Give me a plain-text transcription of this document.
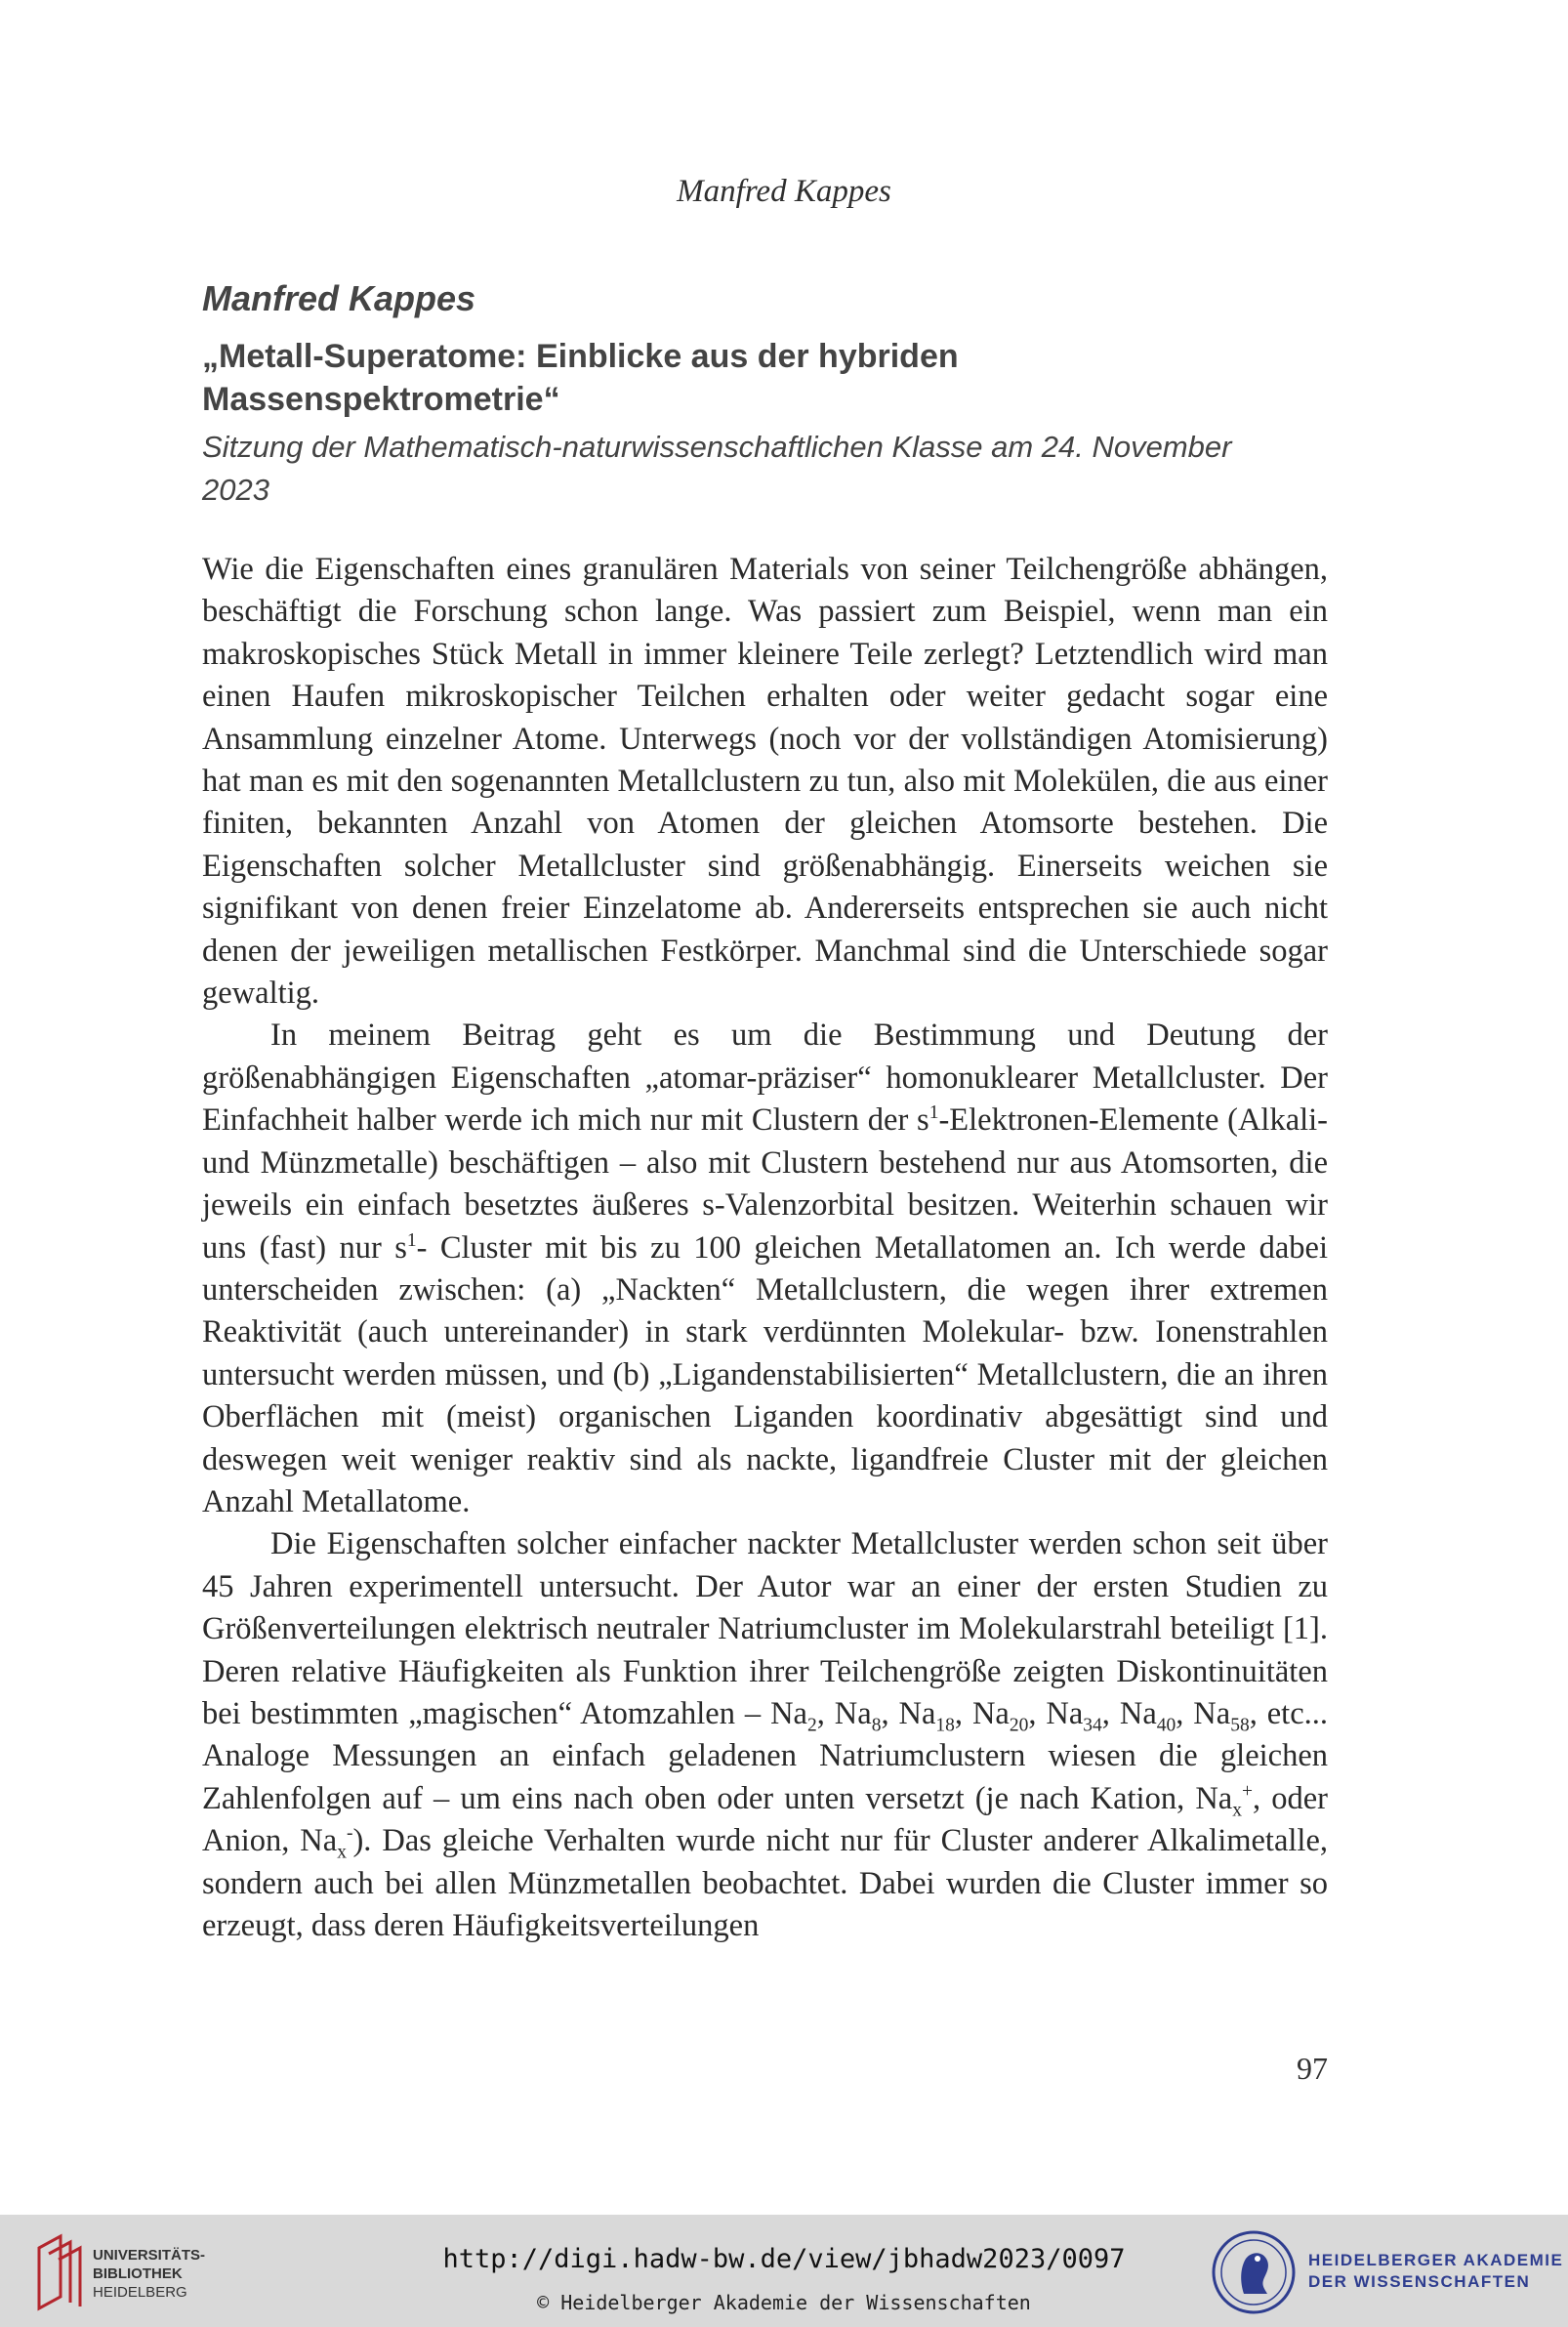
Manfred Kappes
Manfred Kappes
„Metall-Superatome: Einblicke aus der hybriden
Massenspektrometrie“
Sitzung der Mathematisch-naturwissenschaftlichen Klasse am 24. November
2023

Wie die Eigenschaften eines granulären Materials von seiner Teilchengröße abhängen, beschäftigt die Forschung schon lange. Was passiert zum Beispiel, wenn man ein makroskopisches Stück Metall in immer kleinere Teile zerlegt? Letztendlich wird man einen Haufen mikroskopischer Teilchen erhalten oder weiter gedacht sogar eine Ansammlung einzelner Atome. Unterwegs (noch vor der vollständigen Atomisierung) hat man es mit den sogenannten Metallclustern zu tun, also mit Molekülen, die aus einer finiten, bekannten Anzahl von Atomen der gleichen Atomsorte bestehen. Die Eigenschaften solcher Metallcluster sind größenabhängig. Einerseits weichen sie signifikant von denen freier Einzelatome ab. Andererseits entsprechen sie auch nicht denen der jeweiligen metallischen Festkörper. Manchmal sind die Unterschiede sogar gewaltig.

In meinem Beitrag geht es um die Bestimmung und Deutung der größenabhängigen Eigenschaften „atomar-präziser“ homonuklearer Metallcluster. Der Einfachheit halber werde ich mich nur mit Clustern der $s^1-Elektronen$-Elemente (Alkali- und Münzmetalle) beschäftigen – also mit Clustern bestehend nur aus Atomsorten, die jeweils ein einfach besetztes äußeres s-Valenzorbital besitzen. Weiterhin schauen wir uns (fast) nur $s^1-$ Cluster mit bis zu 100 gleichen Metallatomen an. Ich werde dabei unterscheiden zwischen: (a) „Nackten“ Metallclustern, die wegen ihrer extremen Reaktivität (auch untereinander) in stark verdünnten Molekular- bzw. Ionenstrahlen untersucht werden müssen, und (b) „Ligandenstabilisierten“ Metallclustern, die an ihren Oberflächen mit (meist) organischen Liganden koordinativ abgesättigt sind und deswegen weit weniger reaktiv sind als nackte, ligandfreie Cluster mit der gleichen Anzahl Metallatome.

Die Eigenschaften solcher einfacher nackter Metallcluster werden schon seit über 45 Jahren experimentell untersucht. Der Autor war an einer der ersten Studien zu Größenverteilungen elektrisch neutraler Natriumcluster im Molekularstrahl beteiligt [1]. Deren relative Häufigkeiten als Funktion ihrer Teilchengröße zeigten Diskontinuitäten bei bestimmten „magischen“ Atomzahlen – $Na_2$, $Na_8$, $Na_{18}$, $Na_{20}$, $Na_{34}$, $Na_{40}$, $Na_{58}$, etc... Analoge Messungen an einfach geladenen Natriumclustern wiesen die gleichen Zahlenfolgen auf – um eins nach oben oder unten versetzt (je nach Kation, $Na_x^+$, oder Anion, $Na_x^-$). Das gleiche Verhalten wurde nicht nur für Cluster anderer Alkalimetalle, sondern auch bei allen Münzmetallen beobachtet. Dabei wurden die Cluster immer so erzeugt, dass deren Häufigkeitsverteilungen

97
UNIVERSITÄTS-
BIBLIOTHEK
HEIDELBERG
http://digi.hadw-bw.de/view/jbhadw2023/0097
© Heidelberger Akademie der Wissenschaften
HEIDELBERGER AKADEMIE
DER WISSENSCHAFTEN
